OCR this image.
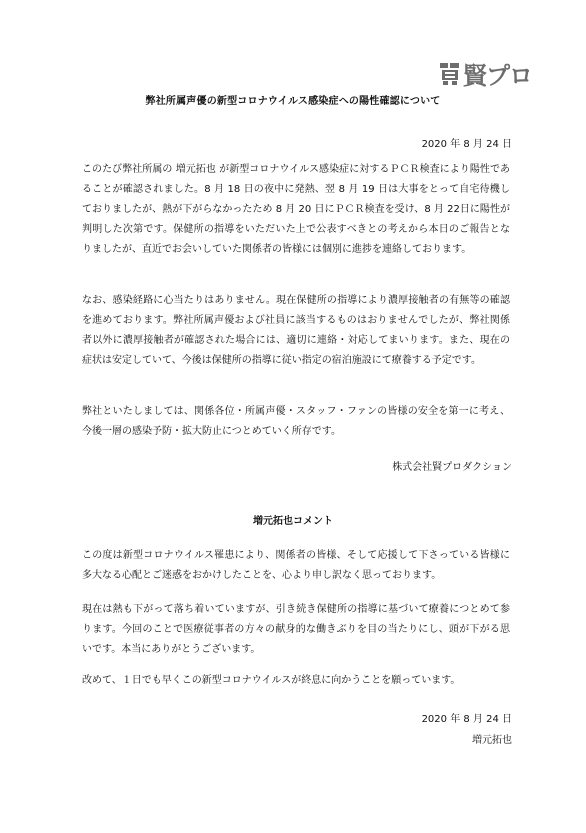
賢プロ
弊社所属声優の新型コロナウイルス感染症への陽性確認について
2020 年 8 月 24 日

このたび弊社所属の 増元拓也 が新型コロナウイルス感染症に対するＰＣＲ検査により陽性であることが確認されました。8 月 18 日の夜中に発熱、翌 8 月 19 日は大事をとって自宅待機しておりましたが、熱が下がらなかったため 8 月 20 日にＰＣＲ検査を受け、8 月 22日に陽性が判明した次第です。保健所の指導をいただいた上で公表すべきとの考えから本日のご報告となりましたが、直近でお会いしていた関係者の皆様には個別に進捗を連絡しております。

なお、感染経路に心当たりはありません。現在保健所の指導により濃厚接触者の有無等の確認を進めております。弊社所属声優および社員に該当するものはおりませんでしたが、弊社関係者以外に濃厚接触者が確認された場合には、適切に連絡・対応してまいります。また、現在の症状は安定していて、今後は保健所の指導に従い指定の宿泊施設にて療養する予定です。

弊社といたしましては、関係各位・所属声優・スタッフ・ファンの皆様の安全を第一に考え、今後一層の感染予防・拡大防止につとめていく所存です。

株式会社賢プロダクション
増元拓也コメント

この度は新型コロナウイルス罹患により、関係者の皆様、そして応援して下さっている皆様に多大なる心配とご迷惑をおかけしたことを、心より申し訳なく思っております。

現在は熱も下がって落ち着いていますが、引き続き保健所の指導に基づいて療養につとめて参ります。今回のことで医療従事者の方々の献身的な働きぶりを目の当たりにし、頭が下がる思いです。本当にありがとうございます。

改めて、１日でも早くこの新型コロナウイルスが終息に向かうことを願っています。

2020 年 8 月 24 日
増元拓也
